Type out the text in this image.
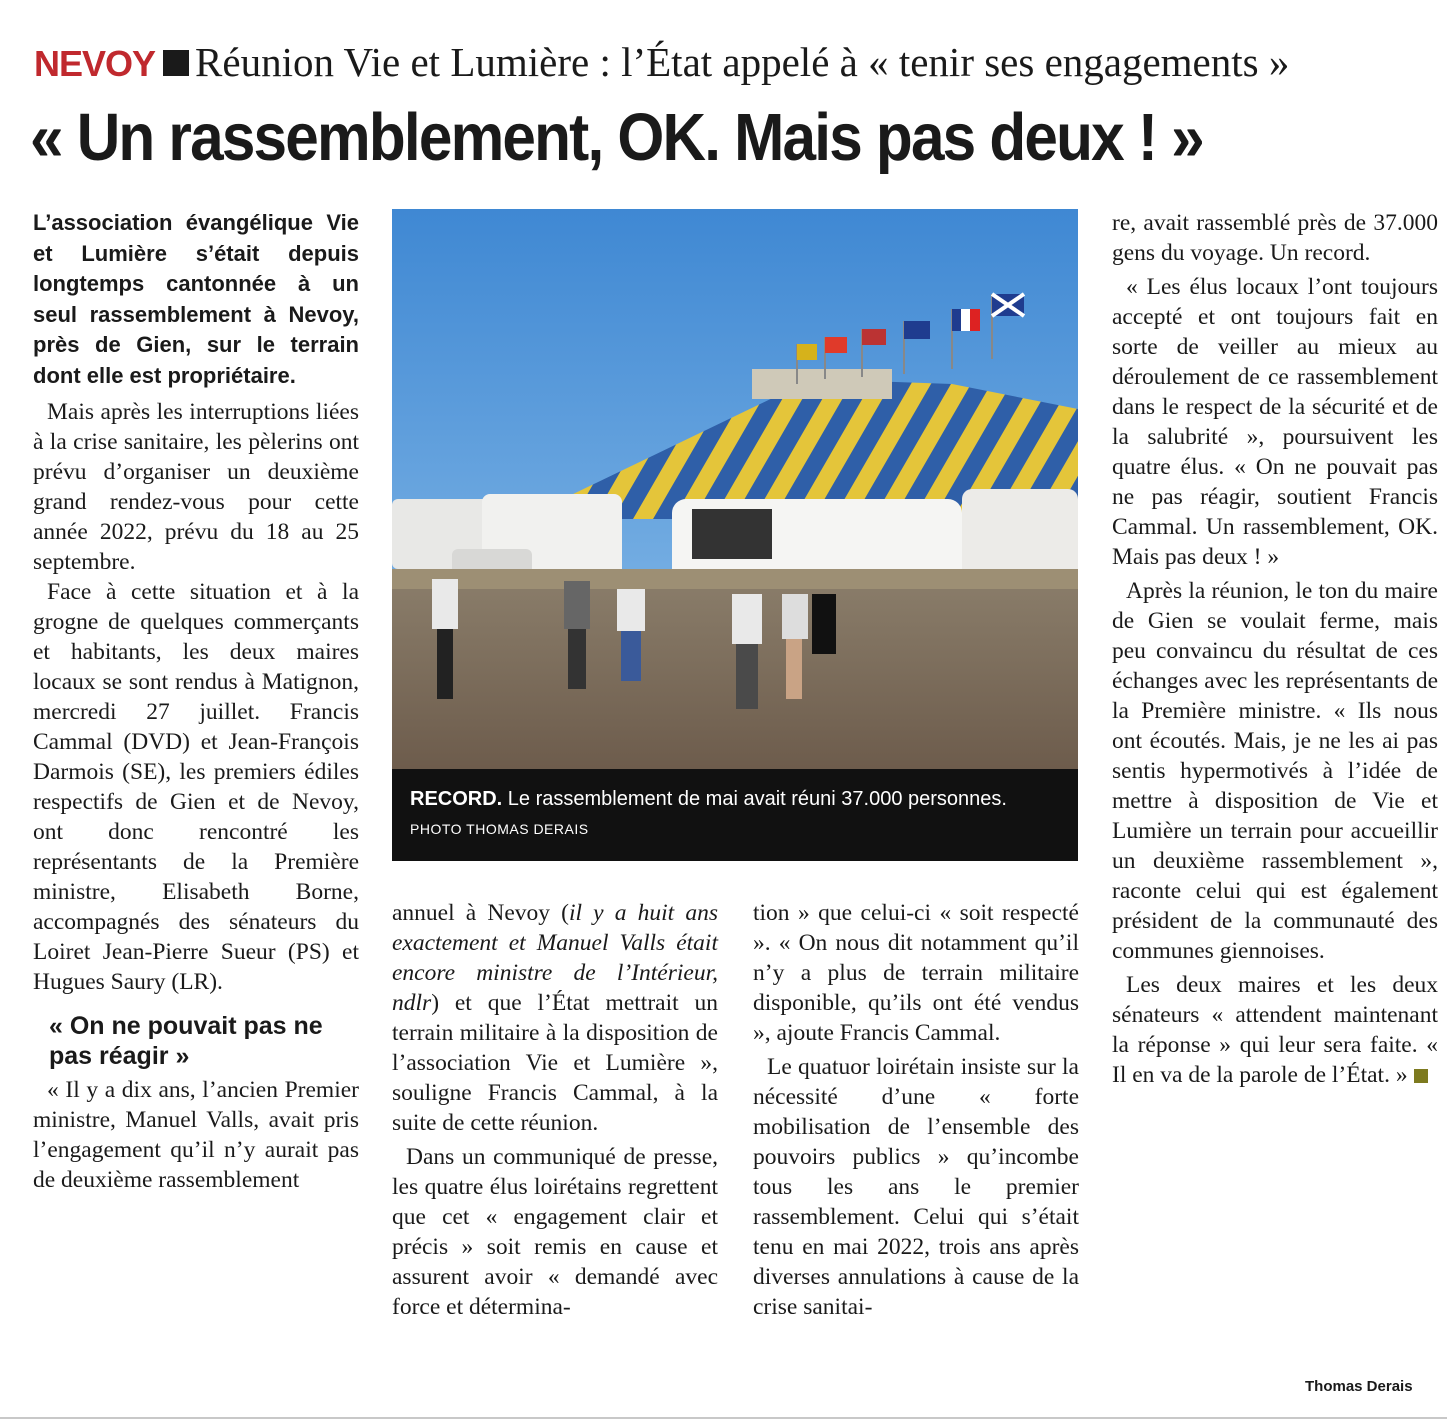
NEVOY Réunion Vie et Lumière : l’État appelé à « tenir ses engagements »
« Un rassemblement, OK. Mais pas deux ! »

L’association évangélique Vie et Lumière s’était depuis longtemps cantonnée à un seul rassemblement à Nevoy, près de Gien, sur le terrain dont elle est propriétaire.

Mais après les interruptions liées à la crise sanitaire, les pèlerins ont prévu d’organiser un deuxième grand rendez-vous pour cette année 2022, prévu du 18 au 25 septembre.

Face à cette situation et à la grogne de quelques commerçants et habitants, les deux maires locaux se sont rendus à Matignon, mercredi 27 juillet. Francis Cammal (DVD) et Jean-François Darmois (SE), les premiers édiles respectifs de Gien et de Nevoy, ont donc rencontré les représentants de la Première ministre, Elisabeth Borne, accompagnés des sénateurs du Loiret Jean-Pierre Sueur (PS) et Hugues Saury (LR).

« On ne pouvait pas ne pas réagir »

« Il y a dix ans, l’ancien Premier ministre, Manuel Valls, avait pris l’engagement qu’il n’y aurait pas de deuxième rassemblement

RECORD. Le rassemblement de mai avait réuni 37.000 personnes. PHOTO THOMAS DERAIS

annuel à Nevoy (il y a huit ans exactement et Manuel Valls était encore ministre de l’Intérieur, ndlr) et que l’État mettrait un terrain militaire à la disposition de l’association Vie et Lumière », souligne Francis Cammal, à la suite de cette réunion.

Dans un communiqué de presse, les quatre élus loirétains regrettent que cet « engagement clair et précis » soit remis en cause et assurent avoir « demandé avec force et détermina-

tion » que celui-ci « soit respecté ». « On nous dit notamment qu’il n’y a plus de terrain militaire disponible, qu’ils ont été vendus », ajoute Francis Cammal.

Le quatuor loirétain insiste sur la nécessité d’une « forte mobilisation de l’ensemble des pouvoirs publics » qu’incombe tous les ans le premier rassemblement. Celui qui s’était tenu en mai 2022, trois ans après diverses annulations à cause de la crise sanitai-

re, avait rassemblé près de 37.000 gens du voyage. Un record.

« Les élus locaux l’ont toujours accepté et ont toujours fait en sorte de veiller au mieux au déroulement de ce rassemblement dans le respect de la sécurité et de la salubrité », poursuivent les quatre élus. « On ne pouvait pas ne pas réagir, soutient Francis Cammal. Un rassemblement, OK. Mais pas deux ! »

Après la réunion, le ton du maire de Gien se voulait ferme, mais peu convaincu du résultat de ces échanges avec les représentants de la Première ministre. « Ils nous ont écoutés. Mais, je ne les ai pas sentis hypermotivés à l’idée de mettre à disposition de Vie et Lumière un terrain pour accueillir un deuxième rassemblement », raconte celui qui est également président de la communauté des communes giennoises.

Les deux maires et les deux sénateurs « attendent maintenant la réponse » qui leur sera faite. « Il en va de la parole de l’État. »

Thomas Derais
